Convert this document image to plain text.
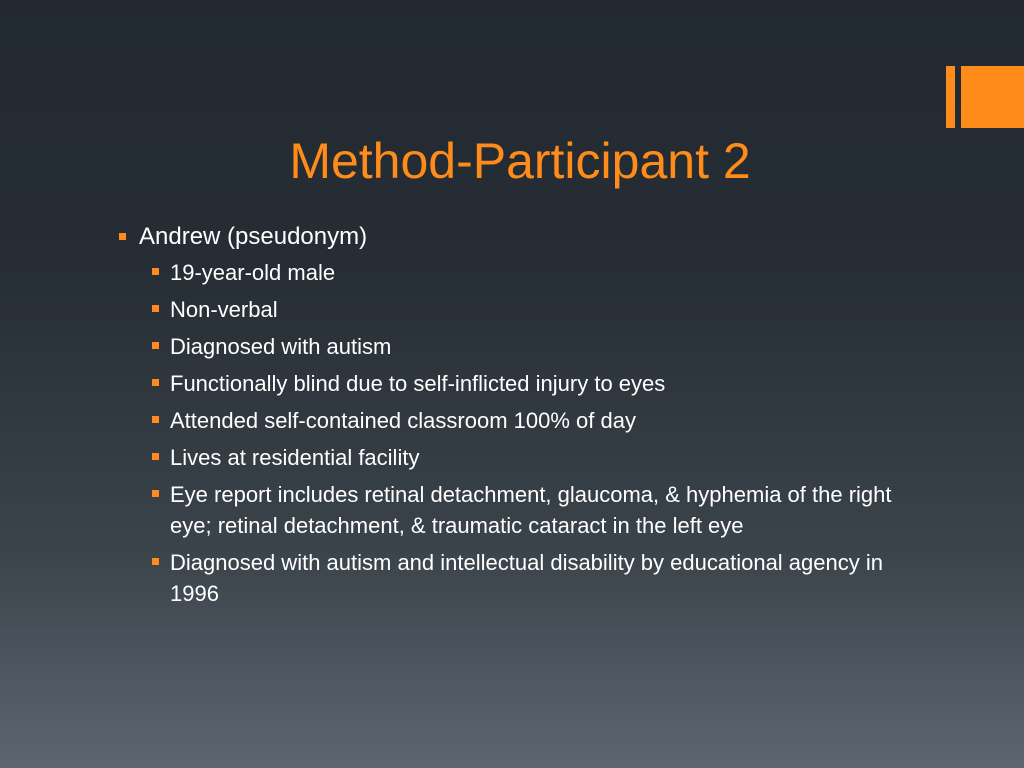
Method-Participant 2
Andrew (pseudonym)
19-year-old male
Non-verbal
Diagnosed with autism
Functionally blind due to self-inflicted injury to eyes
Attended self-contained classroom 100% of day
Lives at residential facility
Eye report includes retinal detachment, glaucoma, & hyphemia of the right eye; retinal detachment, & traumatic cataract in the left eye
Diagnosed with autism and intellectual disability by educational agency in 1996
